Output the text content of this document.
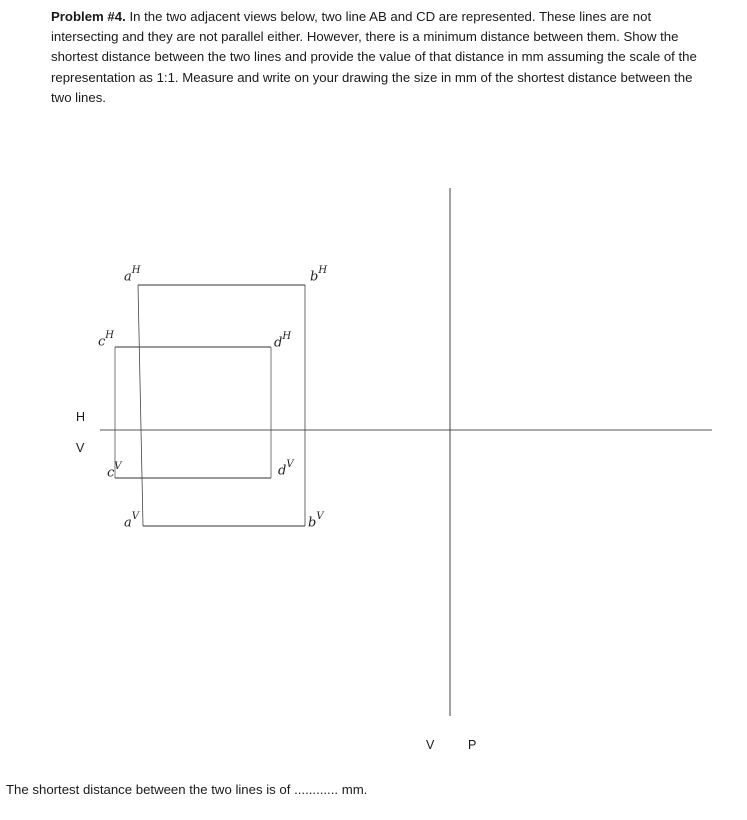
Problem #4. In the two adjacent views below, two line AB and CD are represented. These lines are not intersecting and they are not parallel either. However, there is a minimum distance between them. Show the shortest distance between the two lines and provide the value of that distance in mm assuming the scale of the representation as 1:1. Measure and write on your drawing the size in mm of the shortest distance between the two lines.

H
V
V	P
$a^H$	$b^H$
$c^H$	$d^H$
$c^V$	$d^V$
$a^V$	$b^V$

The shortest distance between the two lines is of ............ mm.
